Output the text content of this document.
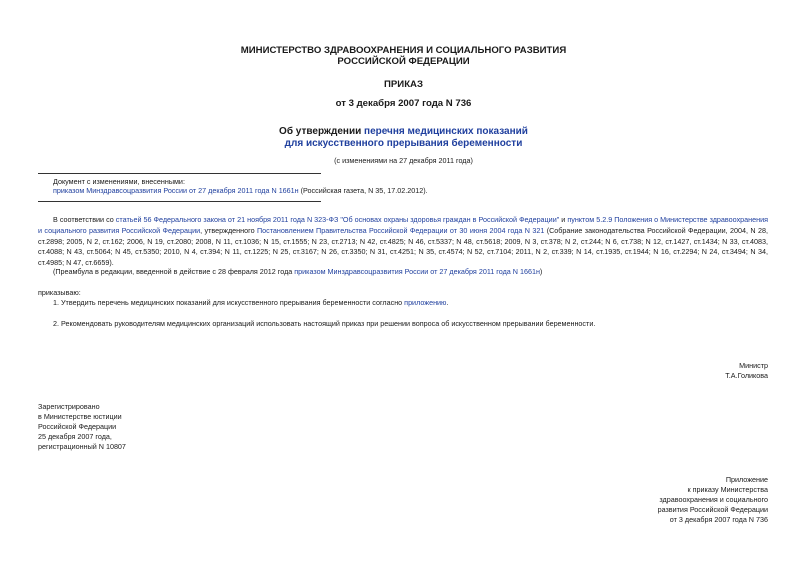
МИНИСТЕРСТВО ЗДРАВООХРАНЕНИЯ И СОЦИАЛЬНОГО РАЗВИТИЯ
РОССИЙСКОЙ ФЕДЕРАЦИИ
ПРИКАЗ
от 3 декабря 2007 года N 736
Об утверждении перечня медицинских показаний
для искусственного прерывания беременности
(с изменениями на 27 декабря 2011 года)
Документ с изменениями, внесенными:
приказом Минздравсоцразвития России от 27 декабря 2011 года N 1661н (Российская газета, N 35, 17.02.2012).
В соответствии со статьей 56 Федерального закона от 21 ноября 2011 года N 323-ФЗ "Об основах охраны здоровья граждан в Российской Федерации" и пунктом 5.2.9 Положения о Министерстве здравоохранения и социального развития Российской Федерации, утвержденного Постановлением Правительства Российской Федерации от 30 июня 2004 года N 321 (Собрание законодательства Российской Федерации, 2004, N 28, ст.2898; 2005, N 2, ст.162; 2006, N 19, ст.2080; 2008, N 11, ст.1036; N 15, ст.1555; N 23, ст.2713; N 42, ст.4825; N 46, ст.5337; N 48, ст.5618; 2009, N 3, ст.378; N 2, ст.244; N 6, ст.738; N 12, ст.1427, ст.1434; N 33, ст.4083, ст.4088; N 43, ст.5064; N 45, ст.5350; 2010, N 4, ст.394; N 11, ст.1225; N 25, ст.3167; N 26, ст.3350; N 31, ст.4251; N 35, ст.4574; N 52, ст.7104; 2011, N 2, ст.339; N 14, ст.1935, ст.1944; N 16, ст.2294; N 24, ст.3494; N 34, ст.4985; N 47, ст.6659).
(Преамбула в редакции, введенной в действие с 28 февраля 2012 года приказом Минздравсоцразвития России от 27 декабря 2011 года N 1661н)
приказываю:
1. Утвердить перечень медицинских показаний для искусственного прерывания беременности согласно приложению.
2. Рекомендовать руководителям медицинских организаций использовать настоящий приказ при решении вопроса об искусственном прерывании беременности.
Министр
Т.А.Голикова
Зарегистрировано
в Министерстве юстиции
Российской Федерации
25 декабря 2007 года,
регистрационный N 10807
Приложение
к приказу Министерства
здравоохранения и социального
развития Российской Федерации
от 3 декабря 2007 года N 736
